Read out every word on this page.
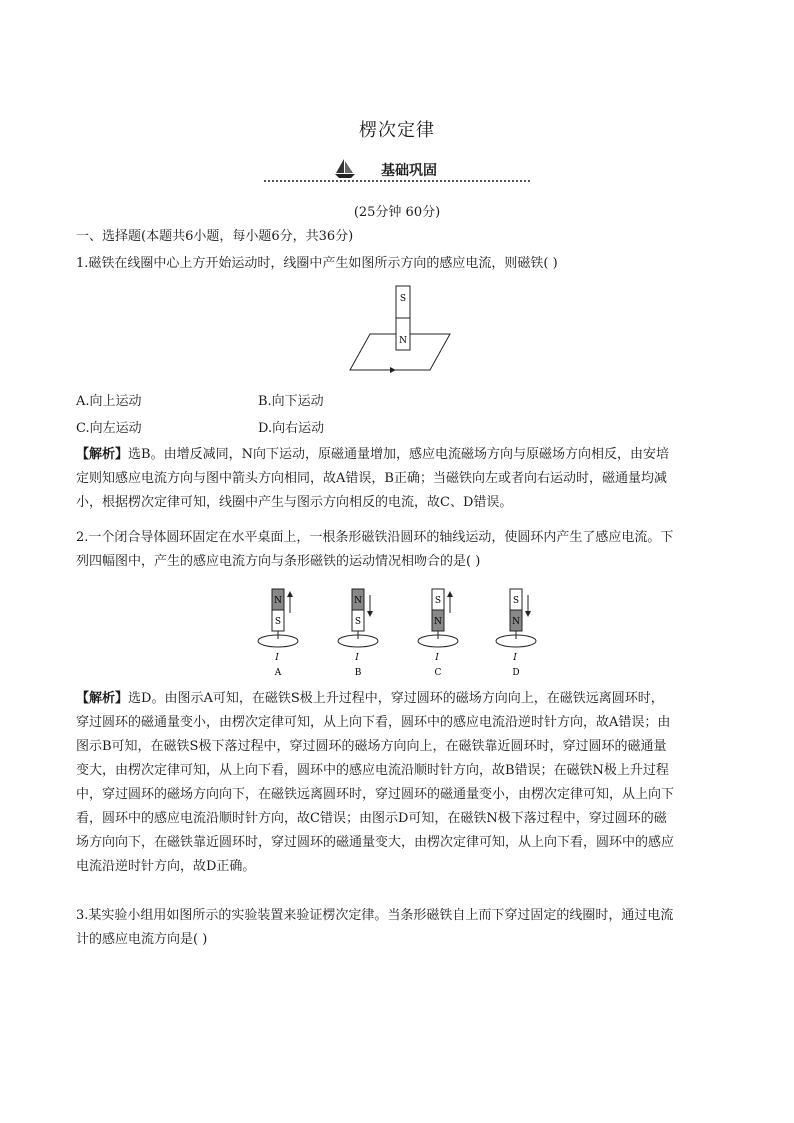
楞次定律
基础巩固
(25分钟 60分)

一、选择题(本题共6小题，每小题6分，共36分)

1.磁铁在线圈中心上方开始运动时，线圈中产生如图所示方向的感应电流，则磁铁( )

S
N
A.向上运动	B.向下运动
C.向左运动	D.向右运动
【解析】选B。由增反减同，N向下运动，原磁通量增加，感应电流磁场方向与原磁场方向相反，由安培
定则知感应电流方向与图中箭头方向相同，故A错误，B正确；当磁铁向左或者向右运动时，磁通量均减
小，根据楞次定律可知，线圈中产生与图示方向相反的电流，故C、D错误。
2.一个闭合导体圆环固定在水平桌面上，一根条形磁铁沿圆环的轴线运动，使圆环内产生了感应电流。下
列四幅图中，产生的感应电流方向与条形磁铁的运动情况相吻合的是( )
N
S
I
A
N
S
I
B
S
N
I
C
S
N
I
D
【解析】选D。由图示A可知，在磁铁S极上升过程中，穿过圆环的磁场方向向上，在磁铁远离圆环时，
穿过圆环的磁通量变小，由楞次定律可知，从上向下看，圆环中的感应电流沿逆时针方向，故A错误；由
图示B可知，在磁铁S极下落过程中，穿过圆环的磁场方向向上，在磁铁靠近圆环时，穿过圆环的磁通量
变大，由楞次定律可知，从上向下看，圆环中的感应电流沿顺时针方向，故B错误；在磁铁N极上升过程
中，穿过圆环的磁场方向向下，在磁铁远离圆环时，穿过圆环的磁通量变小，由楞次定律可知，从上向下
看，圆环中的感应电流沿顺时针方向，故C错误；由图示D可知，在磁铁N极下落过程中，穿过圆环的磁
场方向向下，在磁铁靠近圆环时，穿过圆环的磁通量变大，由楞次定律可知，从上向下看，圆环中的感应
电流沿逆时针方向，故D正确。
3.某实验小组用如图所示的实验装置来验证楞次定律。当条形磁铁自上而下穿过固定的线圈时，通过电流
计的感应电流方向是( )
